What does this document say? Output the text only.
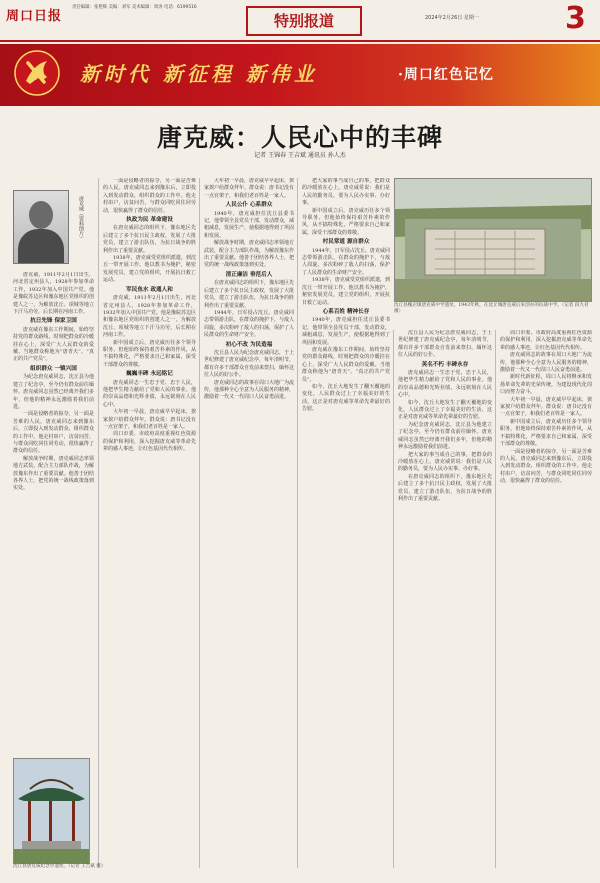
周口日报
责任编辑：张艳辉 美编：刘军 美术编辑：周涛 电话：6199516
特别报道	2024年2月26日 星期一	3
新时代 新征程 新伟业	·周口红色记忆
唐克威：人民心中的丰碑
记者 王锦春 王吉斌 通讯员 孙人杰
唐克威（资料图片）

唐克威，1911年2月1日出生，河北省定州县人，1928年参加革命工作，1932年加入中国共产党。他是豫皖苏边区和豫东地区党组织的创建人之一，为解放沈丘、项城等地立下汗马功劳，后长期在河南工作。

抗日先锋 保家卫国

唐克威在豫东工作期间，始终坚持党的群众路线，时刻把群众的冷暖挂在心上，深受广大人民群众的爱戴。当地群众称他为“唐青天”、“真正的共产党员”。

组织群众 一镇兴国

为纪念唐克威同志，沈丘县为他建立了纪念亭，至今仍有群众前往缅怀。唐克威同志虽然已经离开我们多年，但他的精神永远激励着我们前进。

一面是侵略者的掠夺，另一面是苦难的人民。唐克威同志来到豫东后，立即投入到发动群众、组织群众的工作中。他走村串户，访贫问苦，与群众同吃同住同劳动，很快赢得了群众的信任。

解放战争时期，唐克威同志率领地方武装，配合主力部队作战，为解放豫东作出了重要贡献。他善于团结各界人士，把党的统一战线政策落到实处。

一面是侵略者的掠夺，另一面是苦难的人民。唐克威同志来到豫东后，立即投入到发动群众、组织群众的工作中。他走村串户，访贫问苦，与群众同吃同住同劳动，很快赢得了群众的信任。

执政为民 革命建设

在唐克威同志的组织下，豫东地区先后建立了多个抗日民主政权，发展了大批党员，建立了游击队伍，为抗日战争的胜利作出了重要贡献。

1938年，唐克威受党组织派遣，到沈丘一带开展工作。他以教书为掩护，秘密发展党员，建立党的组织，开展抗日救亡运动。

军民鱼水 政通人和

唐克威，1911年2月1日出生，河北省定州县人，1928年参加革命工作，1932年加入中国共产党。他是豫皖苏边区和豫东地区党组织的创建人之一，为解放沈丘、项城等地立下汗马功劳，后长期在河南工作。

新中国成立后，唐克威历任多个领导职务，但他始终保持艰苦朴素的作风，从不搞特殊化，严格要求自己和家属，深受干部群众的尊敬。

巍巍丰碑 永远铭记

唐克威同志一生忠于党、忠于人民，他把毕生精力献给了党和人民的事业。他的崇高品德和光辉业绩，永远铭刻在人民心中。

大年初一早晨，唐克威早早起床，挨家挨户给群众拜年。群众说：唐书记没有一点官架子，和我们老百姓是一家人。

周口市委、市政府高度重视红色资源的保护和利用，深入挖掘唐克威等革命先辈的感人事迹，让红色基因代代相传。

大年初一早晨，唐克威早早起床，挨家挨户给群众拜年。群众说：唐书记没有一点官架子，和我们老百姓是一家人。

人民公仆 心系群众

1940年，唐克威担任沈丘县委书记，他带领全县党员干部，发动群众，减租减息，发展生产，使根据地得到了巩固和发展。

解放战争时期，唐克威同志率领地方武装，配合主力部队作战，为解放豫东作出了重要贡献。他善于团结各界人士，把党的统一战线政策落到实处。

清正廉洁 垂范后人

在唐克威同志的组织下，豫东地区先后建立了多个抗日民主政权，发展了大批党员，建立了游击队伍，为抗日战争的胜利作出了重要贡献。

1944年，日军侵占沈丘。唐克威同志带领游击队，在群众的掩护下，与敌人周旋，多次粉碎了敌人的扫荡，保护了人民群众的生命财产安全。

初心不改 为民造福

沈丘县人民为纪念唐克威同志，于上世纪修建了唐克威纪念亭，每年清明节，都有许多干部群众自发前来祭扫，缅怀这位人民的好公仆。

唐克威同志的故事在周口大地广为流传，他那种全心全意为人民服务的精神，激励着一代又一代周口人民奋勇前进。

把大家的事当成自己的事，把群众的冷暖放在心上。唐克威常说：我们是人民的勤务员，要为人民办实事、办好事。

新中国成立后，唐克威历任多个领导职务，但他始终保持艰苦朴素的作风，从不搞特殊化，严格要求自己和家属，深受干部群众的尊敬。

村民常道 源自群众

1944年，日军侵占沈丘。唐克威同志带领游击队，在群众的掩护下，与敌人周旋，多次粉碎了敌人的扫荡，保护了人民群众的生命财产安全。

1938年，唐克威受党组织派遣，到沈丘一带开展工作。他以教书为掩护，秘密发展党员，建立党的组织，开展抗日救亡运动。

心系百姓 精神长存

1940年，唐克威担任沈丘县委书记，他带领全县党员干部，发动群众，减租减息，发展生产，使根据地得到了巩固和发展。

唐克威在豫东工作期间，始终坚持党的群众路线，时刻把群众的冷暖挂在心上，深受广大人民群众的爱戴。当地群众称他为“唐青天”、“真正的共产党员”。

如今，沈丘大地发生了翻天覆地的变化，人民群众过上了幸福美好的生活，这正是对唐克威等革命先辈最好的告慰。

沈丘县槐店镇唐克威中学遗址。1943年秋，在沈丘城唐克威后来创办的抗战中学。（记者 段九君 摄）

沈丘县人民为纪念唐克威同志，于上世纪修建了唐克威纪念亭，每年清明节，都有许多干部群众自发前来祭扫，缅怀这位人民的好公仆。

英名不朽 丰碑永存

唐克威同志一生忠于党、忠于人民，他把毕生精力献给了党和人民的事业。他的崇高品德和光辉业绩，永远铭刻在人民心中。

如今，沈丘大地发生了翻天覆地的变化，人民群众过上了幸福美好的生活，这正是对唐克威等革命先辈最好的告慰。

为纪念唐克威同志，沈丘县为他建立了纪念亭，至今仍有群众前往缅怀。唐克威同志虽然已经离开我们多年，但他的精神永远激励着我们前进。

把大家的事当成自己的事，把群众的冷暖放在心上。唐克威常说：我们是人民的勤务员，要为人民办实事、办好事。

在唐克威同志的组织下，豫东地区先后建立了多个抗日民主政权，发展了大批党员，建立了游击队伍，为抗日战争的胜利作出了重要贡献。

周口市委、市政府高度重视红色资源的保护和利用，深入挖掘唐克威等革命先辈的感人事迹，让红色基因代代相传。

唐克威同志的故事在周口大地广为流传，他那种全心全意为人民服务的精神，激励着一代又一代周口人民奋勇前进。

新时代新征程，周口人民将继承和发扬革命先辈的光荣传统，为建设现代化周口而努力奋斗。

大年初一早晨，唐克威早早起床，挨家挨户给群众拜年。群众说：唐书记没有一点官架子，和我们老百姓是一家人。

新中国成立后，唐克威历任多个领导职务，但他始终保持艰苦朴素的作风，从不搞特殊化，严格要求自己和家属，深受干部群众的尊敬。

一面是侵略者的掠夺，另一面是苦难的人民。唐克威同志来到豫东后，立即投入到发动群众、组织群众的工作中。他走村串户，访贫问苦，与群众同吃同住同劳动，很快赢得了群众的信任。

沈丘县唐克威纪念亭遗址。（记者 王吉斌 摄）
